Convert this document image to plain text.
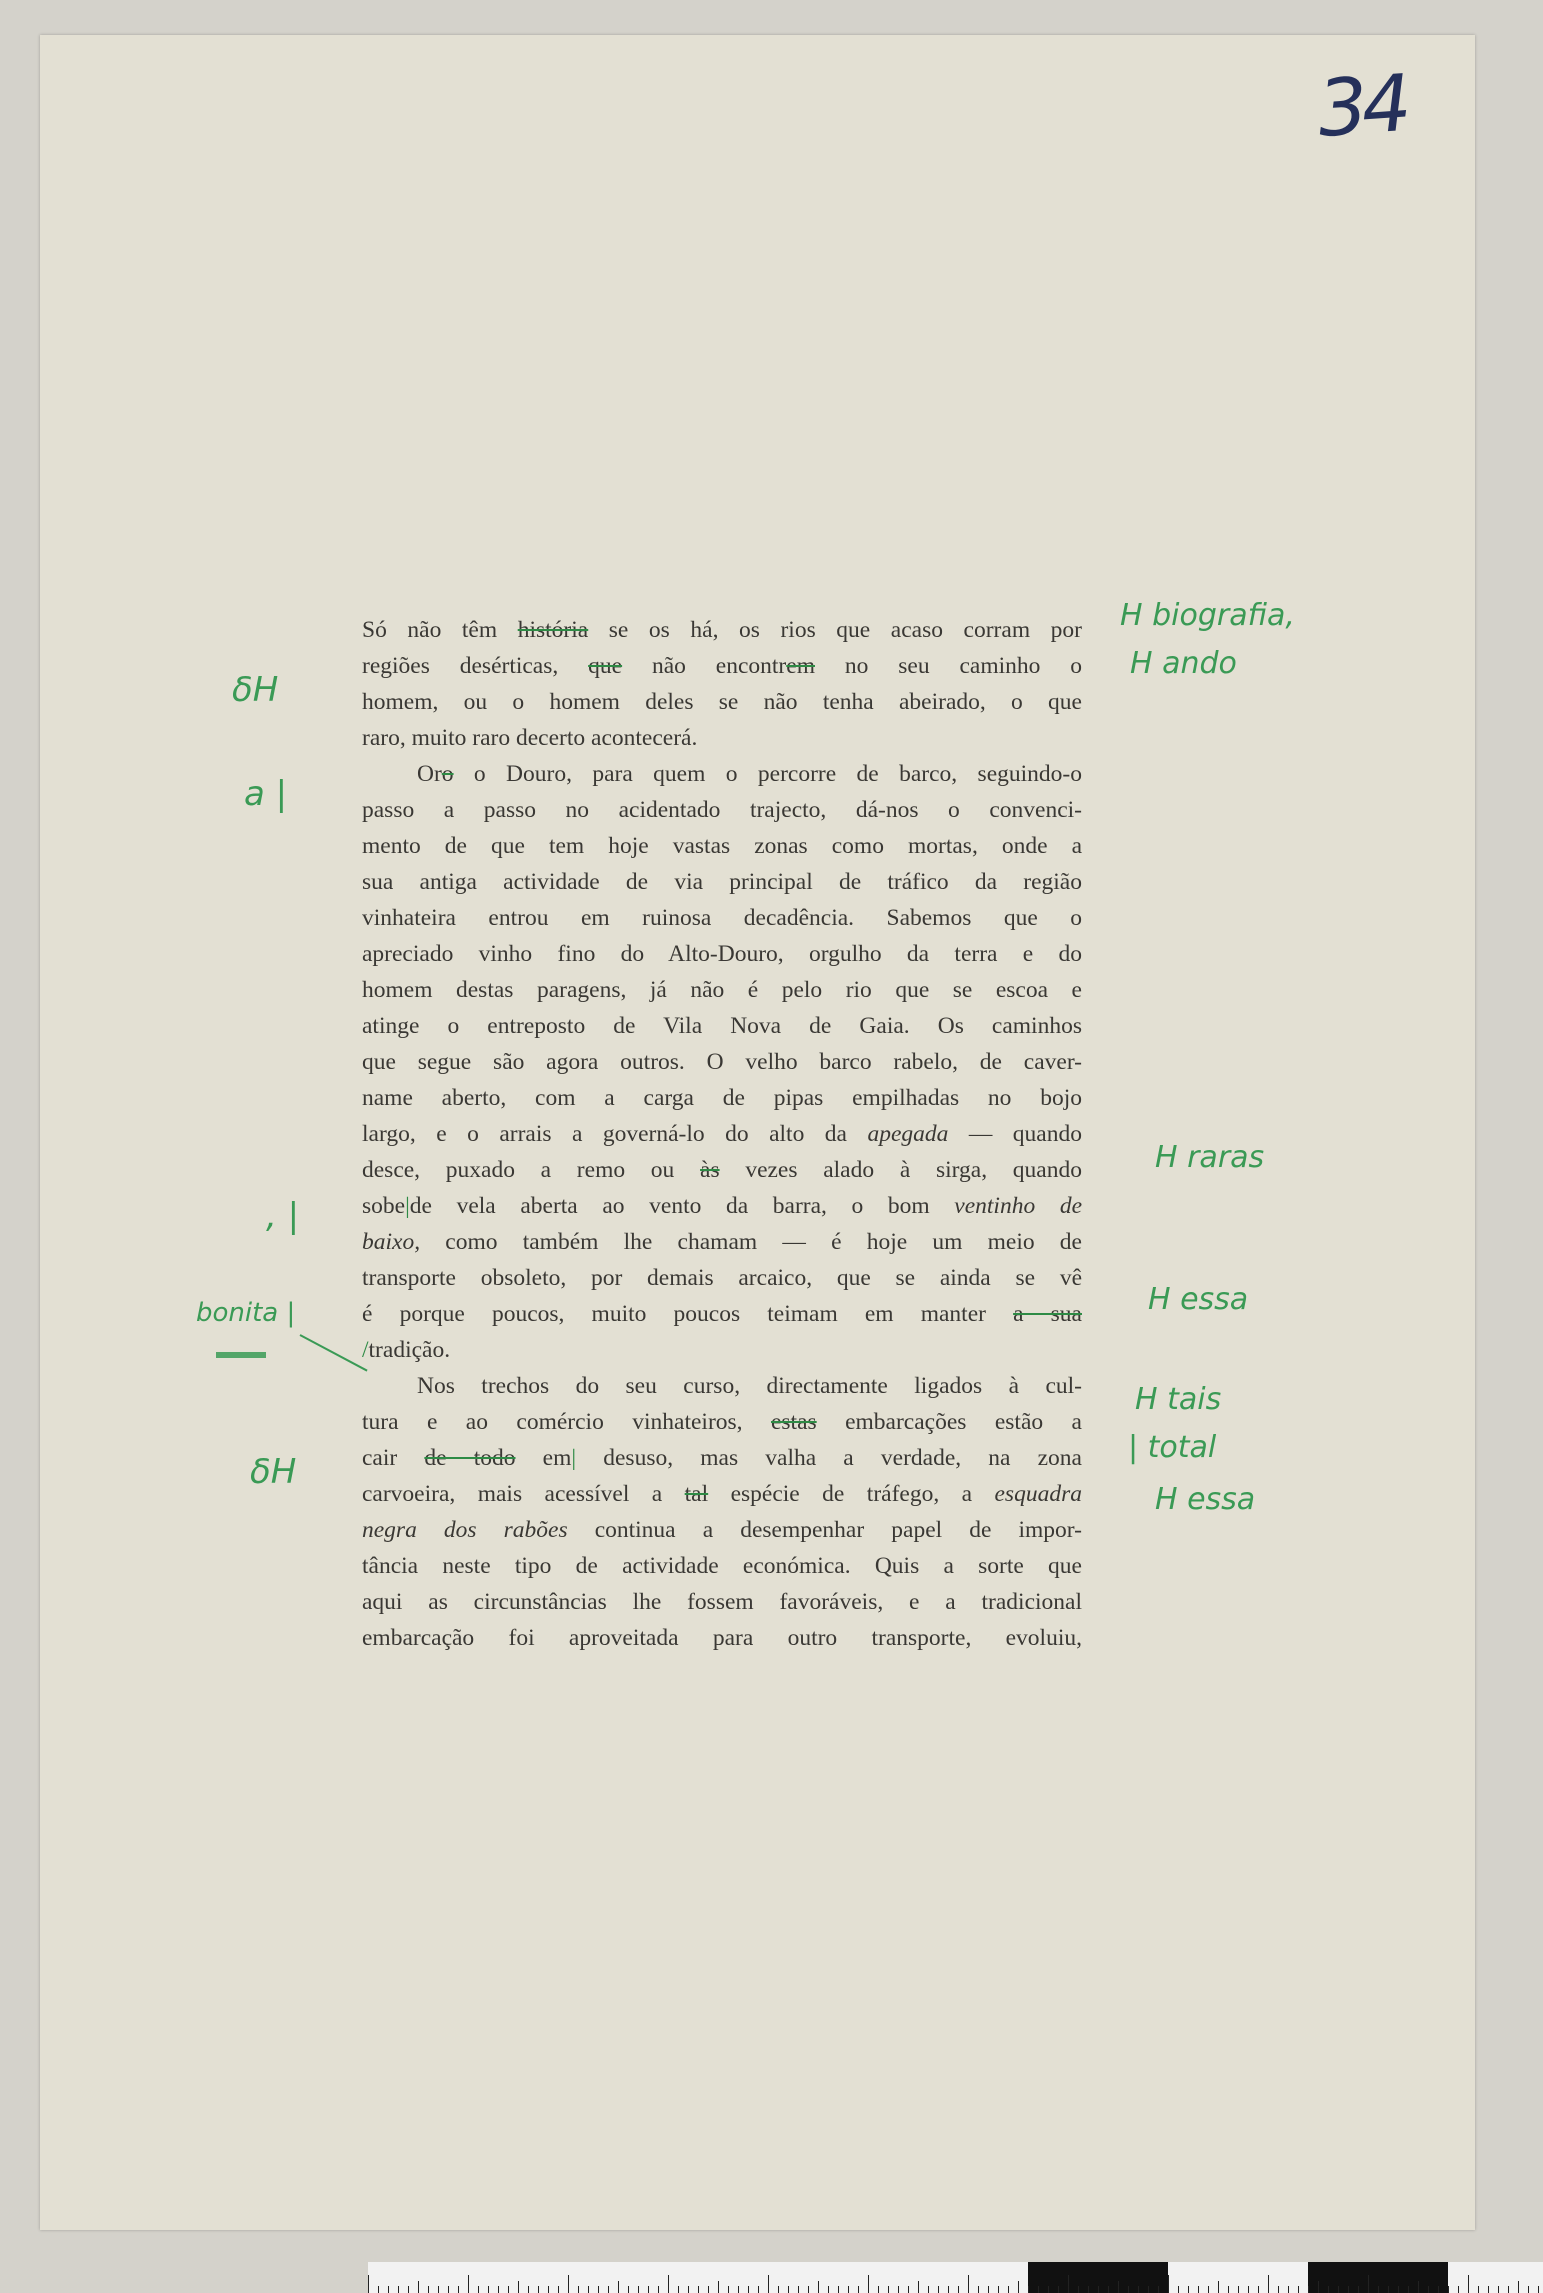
34
Só não têm história se os há, os rios que acaso corram por
regiões desérticas, que não encontrem no seu caminho o
homem, ou o homem deles se não tenha abeirado, o que
raro, muito raro decerto acontecerá.
Oro o Douro, para quem o percorre de barco, seguindo-o
passo a passo no acidentado trajecto, dá-nos o convenci-
mento de que tem hoje vastas zonas como mortas, onde a
sua antiga actividade de via principal de tráfico da região
vinhateira entrou em ruinosa decadência. Sabemos que o
apreciado vinho fino do Alto-Douro, orgulho da terra e do
homem destas paragens, já não é pelo rio que se escoa e
atinge o entreposto de Vila Nova de Gaia. Os caminhos
que segue são agora outros. O velho barco rabelo, de caver-
name aberto, com a carga de pipas empilhadas no bojo
largo, e o arrais a governá-lo do alto da apegada — quando
desce, puxado a remo ou às vezes alado à sirga, quando
sobe|de vela aberta ao vento da barra, o bom ventinho de
baixo, como também lhe chamam — é hoje um meio de
transporte obsoleto, por demais arcaico, que se ainda se vê
é porque poucos, muito poucos teimam em manter a sua
/tradição.
Nos trechos do seu curso, directamente ligados à cul-
tura e ao comércio vinhateiros, estas embarcações estão a
cair de todo em| desuso, mas valha a verdade, na zona
carvoeira, mais acessível a tal espécie de tráfego, a esquadra
negra dos rabões continua a desempenhar papel de impor-
tância neste tipo de actividade económica. Quis a sorte que
aqui as circunstâncias lhe fossem favoráveis, e a tradicional
embarcação foi aproveitada para outro transporte, evoluiu,
H biografia,
H ando
H raras
H essa
H tais
| total
H essa
δH
a |
, |
bonita |
δH
